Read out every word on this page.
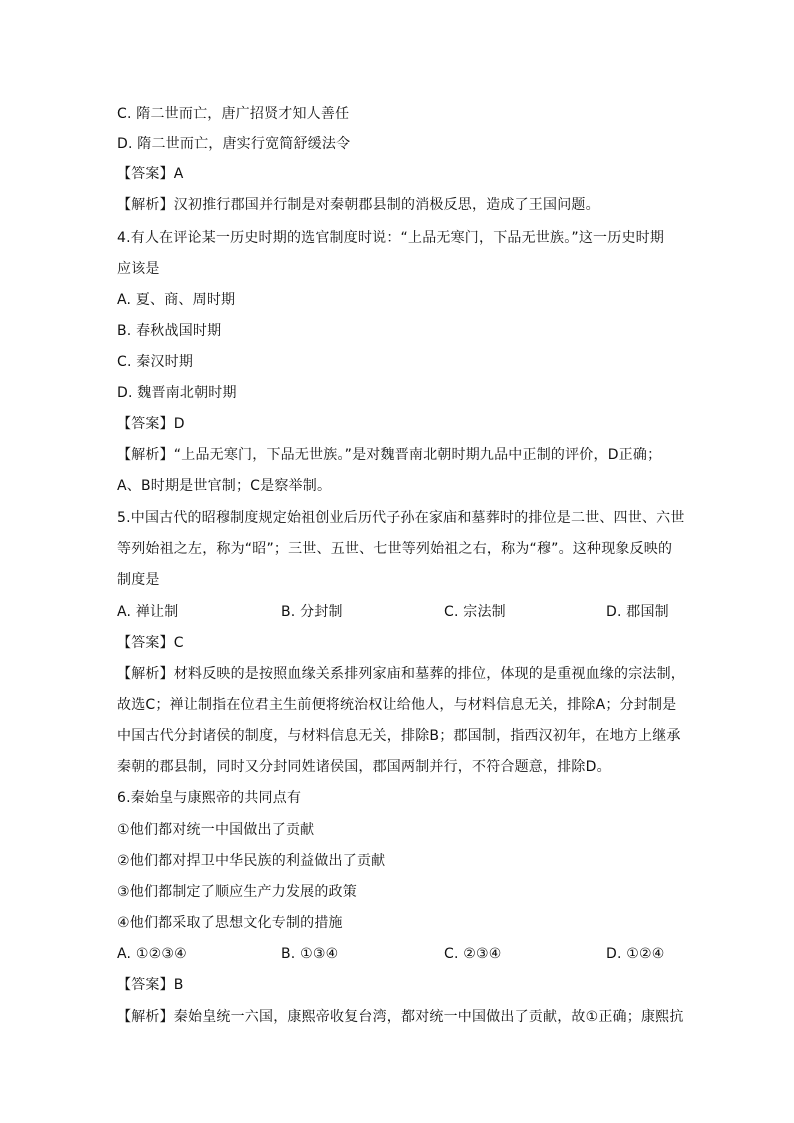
C. 隋二世而亡，唐广招贤才知人善任
D. 隋二世而亡，唐实行宽简舒缓法令
【答案】A
【解析】汉初推行郡国并行制是对秦朝郡县制的消极反思，造成了王国问题。
4.有人在评论某一历史时期的选官制度时说：“上品无寒门，下品无世族。”这一历史时期
应该是
A. 夏、商、周时期
B. 春秋战国时期
C. 秦汉时期
D. 魏晋南北朝时期
【答案】D
【解析】“上品无寒门，下品无世族。”是对魏晋南北朝时期九品中正制的评价，D正确；
A、B时期是世官制；C是察举制。
5.中国古代的昭穆制度规定始祖创业后历代子孙在家庙和墓葬时的排位是二世、四世、六世
等列始祖之左，称为“昭”；三世、五世、七世等列始祖之右，称为“穆”。这种现象反映的
制度是
A. 禅让制	B. 分封制	C. 宗法制	D. 郡国制
【答案】C
【解析】材料反映的是按照血缘关系排列家庙和墓葬的排位，体现的是重视血缘的宗法制，
故选C；禅让制指在位君主生前便将统治权让给他人，与材料信息无关，排除A；分封制是
中国古代分封诸侯的制度，与材料信息无关，排除B；郡国制，指西汉初年，在地方上继承
秦朝的郡县制，同时又分封同姓诸侯国，郡国两制并行，不符合题意，排除D。
6.秦始皇与康熙帝的共同点有
①他们都对统一中国做出了贡献
②他们都对捍卫中华民族的利益做出了贡献
③他们都制定了顺应生产力发展的政策
④他们都采取了思想文化专制的措施
A. ①②③④	B. ①③④	C. ②③④	D. ①②④
【答案】B
【解析】秦始皇统一六国，康熙帝收复台湾，都对统一中国做出了贡献，故①正确；康熙抗
